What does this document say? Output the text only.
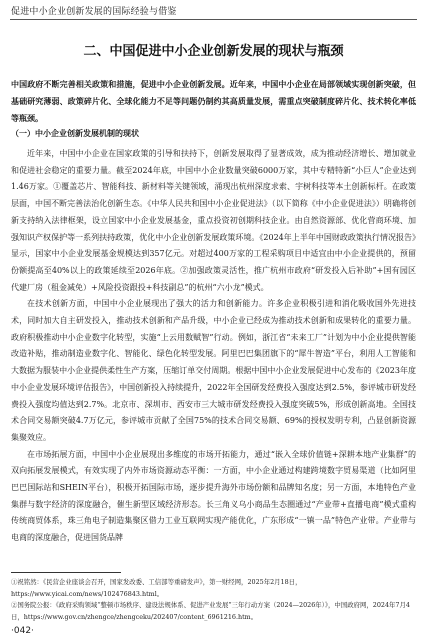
促进中小企业创新发展的国际经验与借鉴
二、中国促进中小企业创新发展的现状与瓶颈
中国政府不断完善相关政策和措施，促进中小企业创新发展。近年来，中国中小企业在局部领域实现创新突破，但基础研究薄弱、政策碎片化、全球化能力不足等问题仍制约其高质量发展，需重点突破制度碎片化、技术转化率低等瓶颈。
（一）中小企业创新发展机制的现状

近年来，中国中小企业在国家政策的引导和扶持下，创新发展取得了显著成效，成为推动经济增长、增加就业和促进社会稳定的重要力量。截至2024年底，中国中小企业数量突破6000万家，其中专精特新“小巨人”企业达到1.46万家。①覆盖芯片、智能科技、新材料等关键领域，涌现出杭州深度求索、宇树科技等本土创新标杆。在政策层面，中国不断完善法治化创新生态。《中华人民共和国中小企业促进法》（以下简称《中小企业促进法》）明确将创新支持纳入法律框架，设立国家中小企业发展基金，重点投资初创期科技企业。由自然资源部、优化营商环境、加强知识产权保护等一系列扶持政策，优化中小企业创新发展政策环境。《2024年上半年中国财政政策执行情况报告》显示，国家中小企业发展基金规模达到357亿元。对超过400万家的工程采购项目中适宜由中小企业提供的，预留份额提高至40%以上的政策延续至2026年底。②加强政策灵活性，推广杭州市政府“研发投入后补助”+国有园区代建厂房（租金减免）+风险投资跟投+科技副总”的杭州“六小龙”模式。

在技术创新方面，中国中小企业展现出了强大的活力和创新能力。许多企业积极引进和消化吸收国外先进技术，同时加大自主研发投入，推动技术创新和产品升级，中小企业已经成为推动技术创新和成果转化的重要力量。政府积极推动中小企业数字化转型，实施“上云用数赋智”行动。例如，浙江省“未来工厂”计划为中小企业提供智能改造补贴，推动制造业数字化、智能化、绿色化转型发展。阿里巴巴集团旗下的“犀牛智造”平台，利用人工智能和大数据为服装中小企业提供柔性生产方案，压缩订单交付周期。根据中国中小企业发展促进中心发布的《2023年度中小企业发展环境评估报告》，中国创新投入持续提升，2022年全国研发经费投入强度达到2.5%，参评城市研发经费投入强度均值达到2.7%。北京市、深圳市、西安市三大城市研发经费投入强度突破5%，形成创新高地。全国技术合同交易额突破4.7万亿元，参评城市贡献了全国75%的技术合同交易额、69%的授权发明专利，凸显创新资源集聚效应。

在市场拓展方面，中国中小企业展现出多维度的市场开拓能力，通过“嵌入全球价值链+深耕本地产业集群”的双向拓展发展模式，有效实现了内外市场资源动态平衡：一方面，中小企业通过构建跨境数字贸易渠道（比如阿里巴巴国际站和SHEIN平台），积极开拓国际市场，逐步提升海外市场份额和品牌知名度；另一方面，本地特色产业集群与数字经济的深度融合，催生新型区域经济形态。长三角义乌小商品生态圈通过“产业带+直播电商”模式重构传统商贸体系，珠三角电子制造集聚区借力工业互联网实现产能优化，广东形成“一镇一品”特色产业带。产业带与电商的深度融合，促进国货品牌

①祝铭然：《民营企业座谈会召开，国家发改委、工信部等重磅发声》，第一财经网，2025年2月18日，https://www.yicai.com/news/102476843.html。

②国务院公报：《政府采购领域“整顿市场秩序、建设法规体系、促进产业发展”三年行动方案（2024—2026年）》，中国政府网，2024年7月4日，https://www.gov.cn/zhengce/zhengceku/202407/content_6961216.htm。

·042·
